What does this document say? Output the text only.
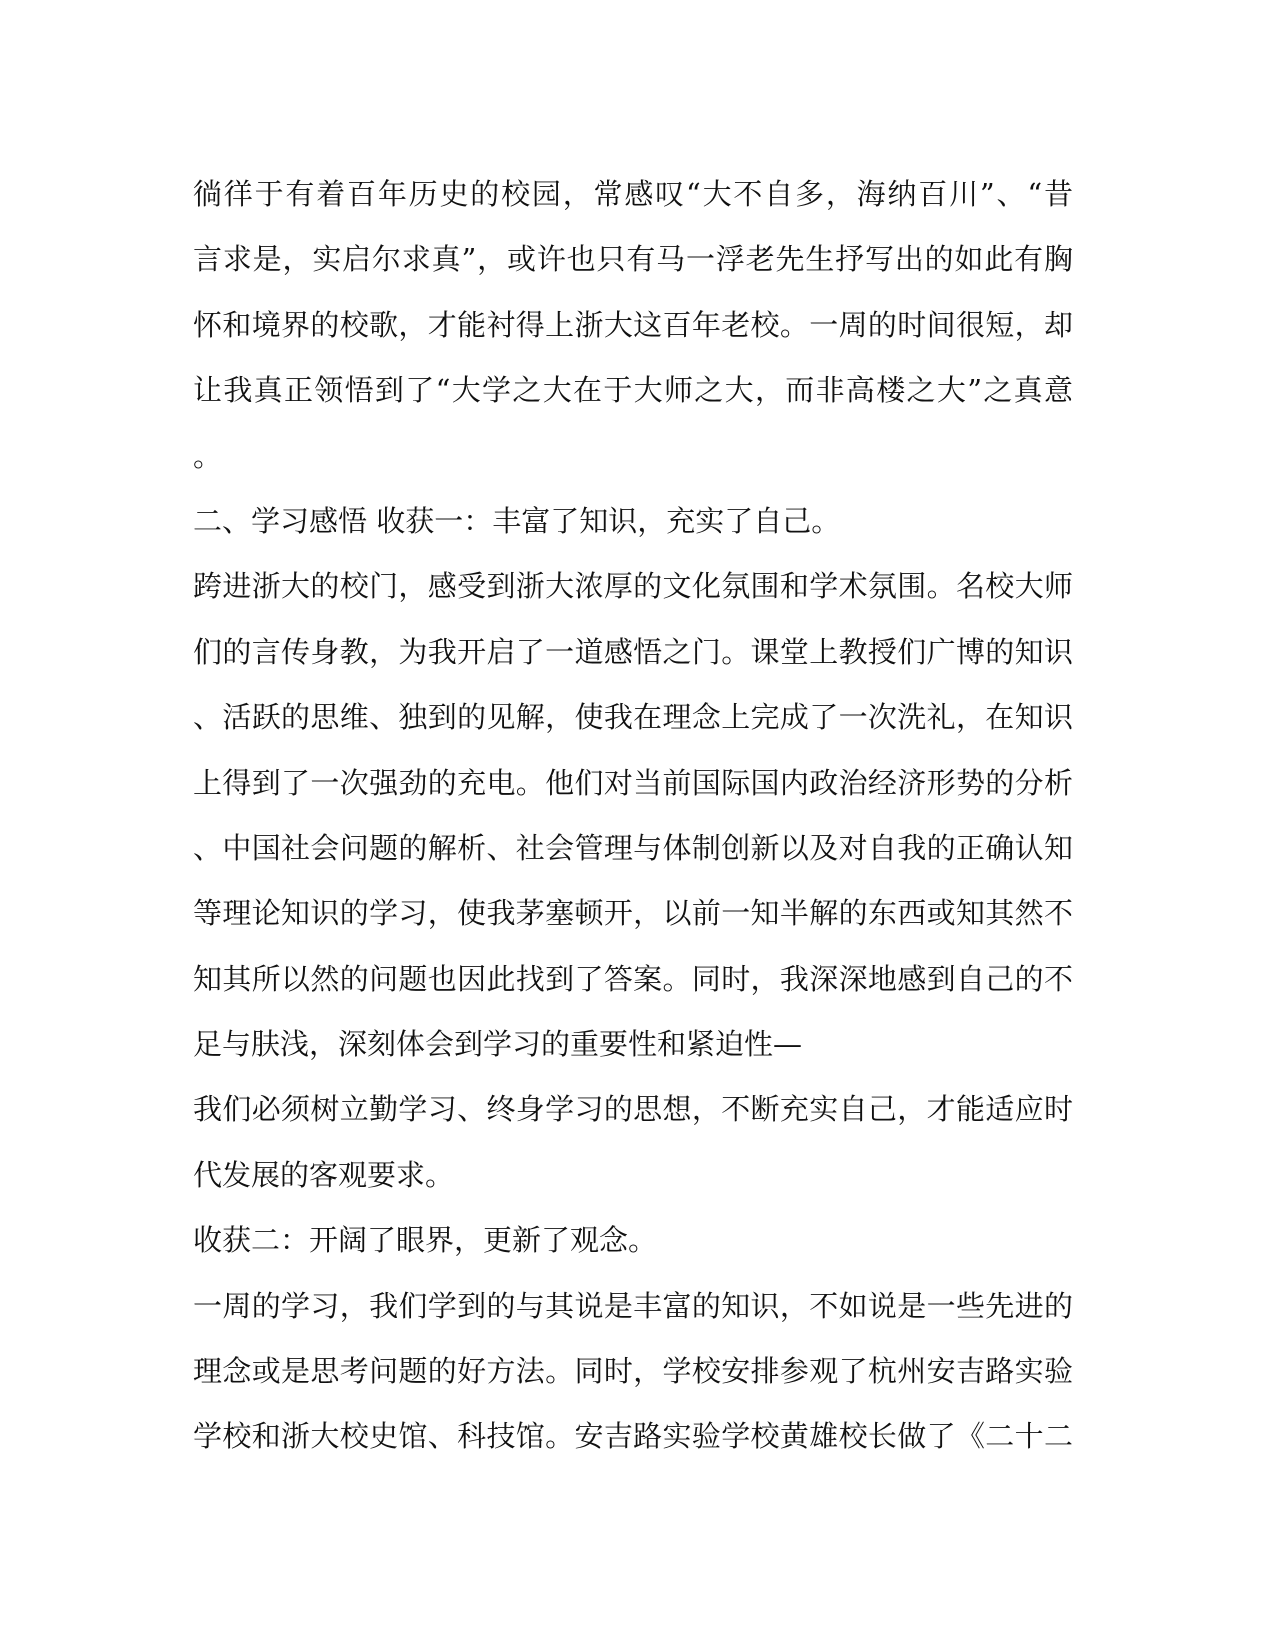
徜徉于有着百年历史的校园，常感叹“大不自多，海纳百川”、“昔
言求是，实启尔求真”，或许也只有马一浮老先生抒写出的如此有胸
怀和境界的校歌，才能衬得上浙大这百年老校。一周的时间很短，却
让我真正领悟到了“大学之大在于大师之大，而非高楼之大”之真意
。
二、学习感悟 收获一：丰富了知识，充实了自己。
跨进浙大的校门，感受到浙大浓厚的文化氛围和学术氛围。名校大师
们的言传身教，为我开启了一道感悟之门。课堂上教授们广博的知识
、活跃的思维、独到的见解，使我在理念上完成了一次洗礼，在知识
上得到了一次强劲的充电。他们对当前国际国内政治经济形势的分析
、中国社会问题的解析、社会管理与体制创新以及对自我的正确认知
等理论知识的学习，使我茅塞顿开，以前一知半解的东西或知其然不
知其所以然的问题也因此找到了答案。同时，我深深地感到自己的不
足与肤浅，深刻体会到学习的重要性和紧迫性—
我们必须树立勤学习、终身学习的思想，不断充实自己，才能适应时
代发展的客观要求。
收获二：开阔了眼界，更新了观念。
一周的学习，我们学到的与其说是丰富的知识，不如说是一些先进的
理念或是思考问题的好方法。同时，学校安排参观了杭州安吉路实验
学校和浙大校史馆、科技馆。安吉路实验学校黄雄校长做了《二十二
